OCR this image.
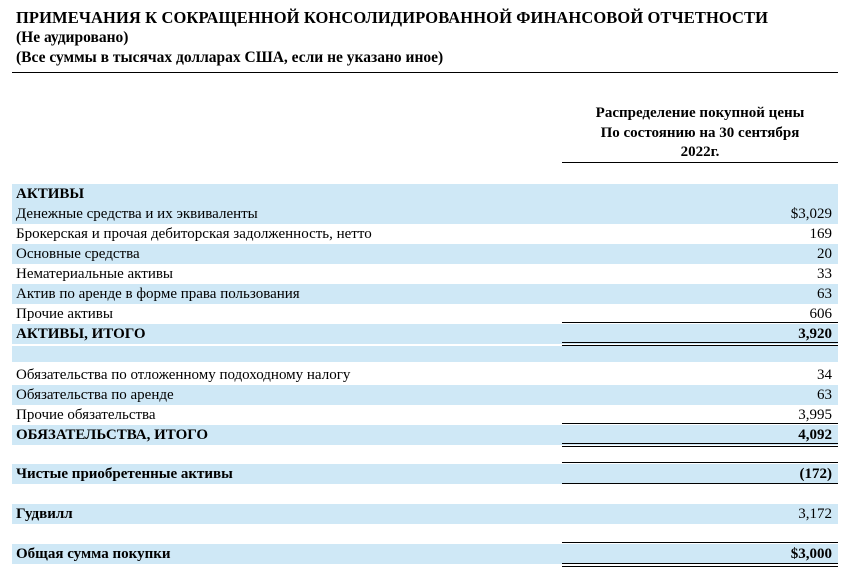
ПРИМЕЧАНИЯ К СОКРАЩЕННОЙ КОНСОЛИДИРОВАННОЙ ФИНАНСОВОЙ ОТЧЕТНОСТИ
(Не аудировано)
(Все суммы в тысячах долларах США, если не указано иное)
Распределение покупной цены
По состоянию на 30 сентября
2022г.
АКТИВЫ
Денежные средства и их эквиваленты	$3,029
Брокерская и прочая дебиторская задолженность, нетто	169
Основные средства	20
Нематериальные активы	33
Актив по аренде в форме права пользования	63
Прочие активы	606
АКТИВЫ, ИТОГО	3,920
Обязательства по отложенному подоходному налогу	34
Обязательства по аренде	63
Прочие обязательства	3,995
ОБЯЗАТЕЛЬСТВА, ИТОГО	4,092
Чистые приобретенные активы	(172)
Гудвилл	3,172
Общая сумма покупки	$3,000
